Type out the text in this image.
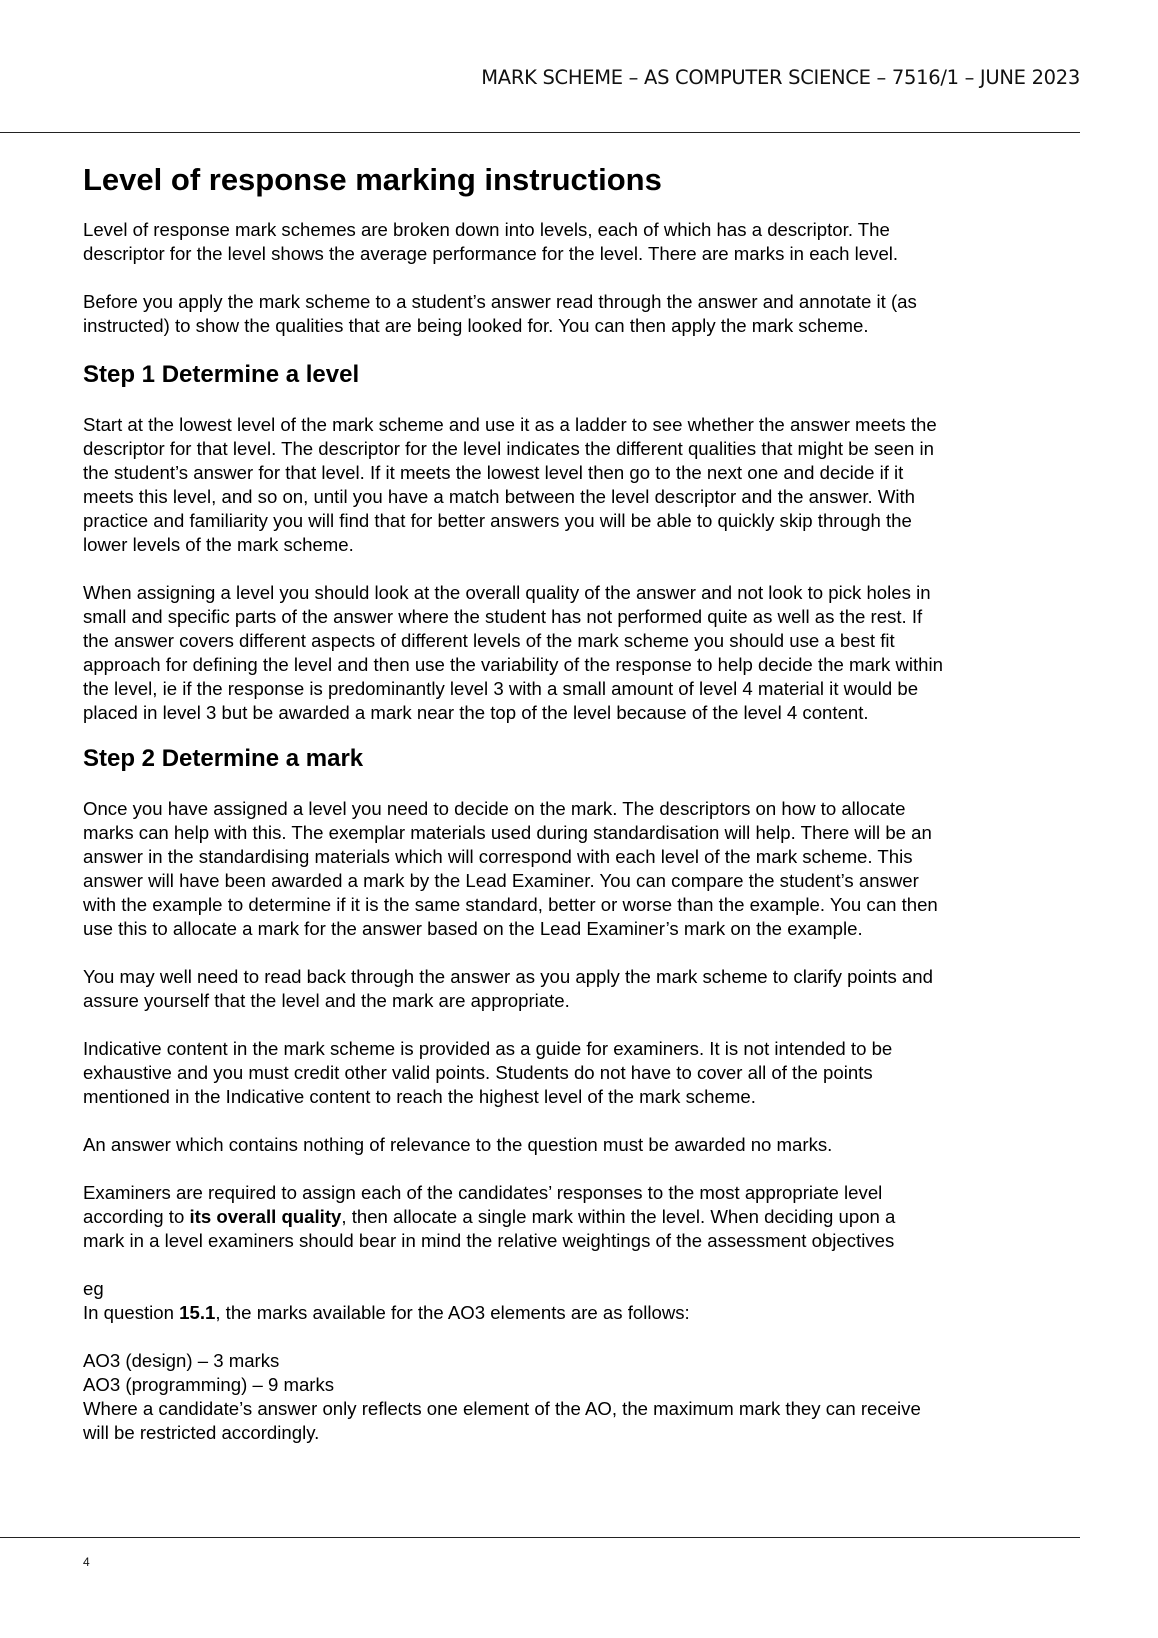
MARK SCHEME – AS COMPUTER SCIENCE – 7516/1 – JUNE 2023
Level of response marking instructions
Level of response mark schemes are broken down into levels, each of which has a descriptor. The
descriptor for the level shows the average performance for the level. There are marks in each level.
Before you apply the mark scheme to a student’s answer read through the answer and annotate it (as
instructed) to show the qualities that are being looked for. You can then apply the mark scheme.
Step 1 Determine a level
Start at the lowest level of the mark scheme and use it as a ladder to see whether the answer meets the
descriptor for that level. The descriptor for the level indicates the different qualities that might be seen in
the student’s answer for that level. If it meets the lowest level then go to the next one and decide if it
meets this level, and so on, until you have a match between the level descriptor and the answer. With
practice and familiarity you will find that for better answers you will be able to quickly skip through the
lower levels of the mark scheme.
When assigning a level you should look at the overall quality of the answer and not look to pick holes in
small and specific parts of the answer where the student has not performed quite as well as the rest. If
the answer covers different aspects of different levels of the mark scheme you should use a best fit
approach for defining the level and then use the variability of the response to help decide the mark within
the level, ie if the response is predominantly level 3 with a small amount of level 4 material it would be
placed in level 3 but be awarded a mark near the top of the level because of the level 4 content.
Step 2 Determine a mark
Once you have assigned a level you need to decide on the mark. The descriptors on how to allocate
marks can help with this. The exemplar materials used during standardisation will help. There will be an
answer in the standardising materials which will correspond with each level of the mark scheme. This
answer will have been awarded a mark by the Lead Examiner. You can compare the student’s answer
with the example to determine if it is the same standard, better or worse than the example. You can then
use this to allocate a mark for the answer based on the Lead Examiner’s mark on the example.
You may well need to read back through the answer as you apply the mark scheme to clarify points and
assure yourself that the level and the mark are appropriate.
Indicative content in the mark scheme is provided as a guide for examiners. It is not intended to be
exhaustive and you must credit other valid points. Students do not have to cover all of the points
mentioned in the Indicative content to reach the highest level of the mark scheme.
An answer which contains nothing of relevance to the question must be awarded no marks.
Examiners are required to assign each of the candidates’ responses to the most appropriate level
according to its overall quality, then allocate a single mark within the level. When deciding upon a
mark in a level examiners should bear in mind the relative weightings of the assessment objectives
eg
In question 15.1, the marks available for the AO3 elements are as follows:
AO3 (design) – 3 marks
AO3 (programming) – 9 marks
Where a candidate’s answer only reflects one element of the AO, the maximum mark they can receive
will be restricted accordingly.
4
